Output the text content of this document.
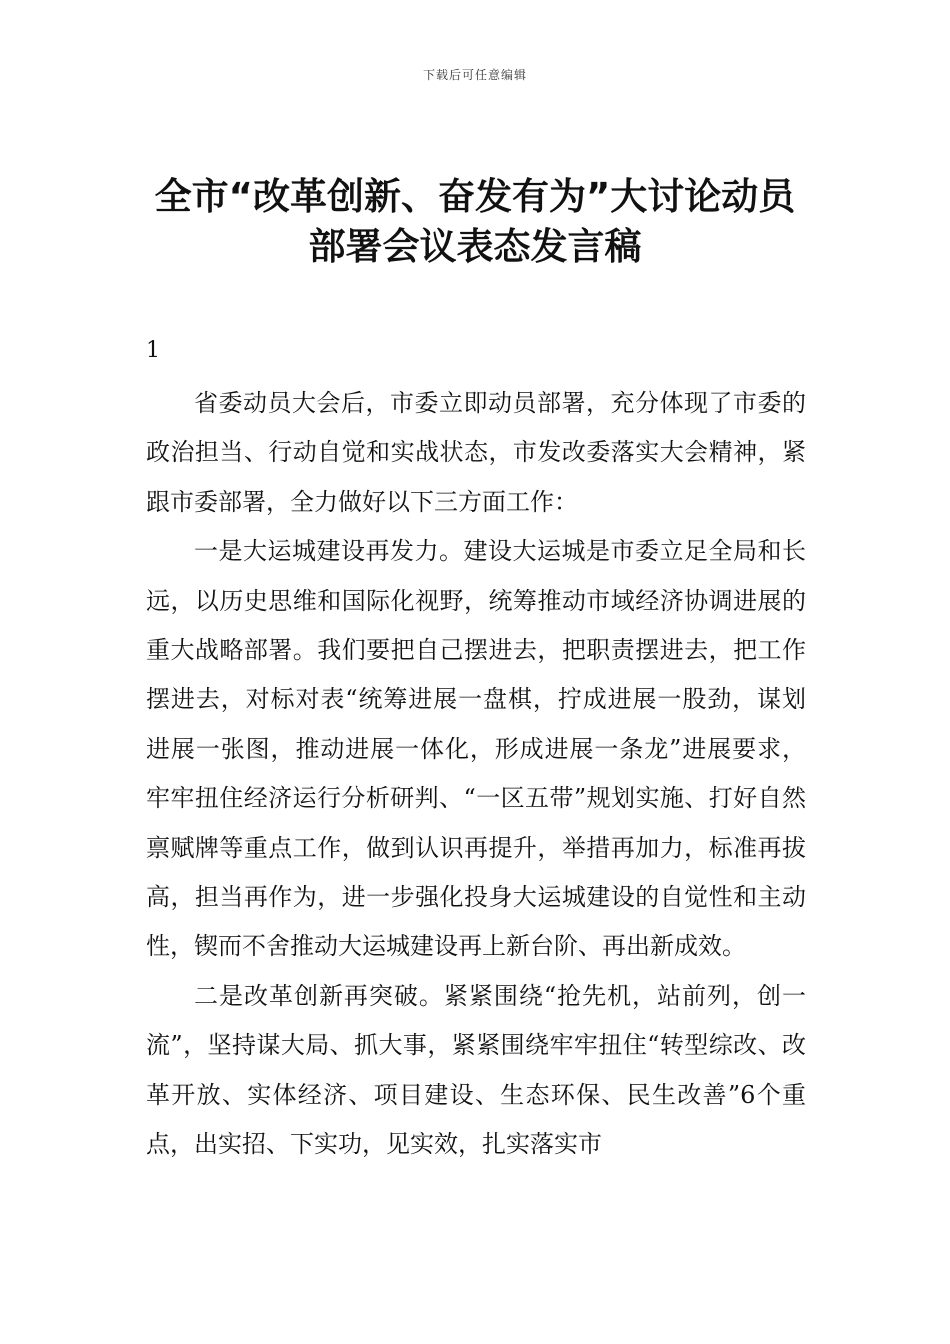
下载后可任意编辑
全市“改革创新、奋发有为”大讨论动员
部署会议表态发言稿
1

省委动员大会后，市委立即动员部署，充分体现了市委的政治担当、行动自觉和实战状态，市发改委落实大会精神，紧跟市委部署，全力做好以下三方面工作：

一是大运城建设再发力。建设大运城是市委立足全局和长远，以历史思维和国际化视野，统筹推动市域经济协调进展的重大战略部署。我们要把自己摆进去，把职责摆进去，把工作摆进去，对标对表“统筹进展一盘棋，拧成进展一股劲，谋划进展一张图，推动进展一体化，形成进展一条龙”进展要求，牢牢扭住经济运行分析研判、“一区五带”规划实施、打好自然禀赋牌等重点工作，做到认识再提升，举措再加力，标准再拔高，担当再作为，进一步强化投身大运城建设的自觉性和主动性，锲而不舍推动大运城建设再上新台阶、再出新成效。

二是改革创新再突破。紧紧围绕“抢先机，站前列，创一流”，坚持谋大局、抓大事，紧紧围绕牢牢扭住“转型综改、改革开放、实体经济、项目建设、生态环保、民生改善”6个重点，出实招、下实功，见实效，扎实落实市
